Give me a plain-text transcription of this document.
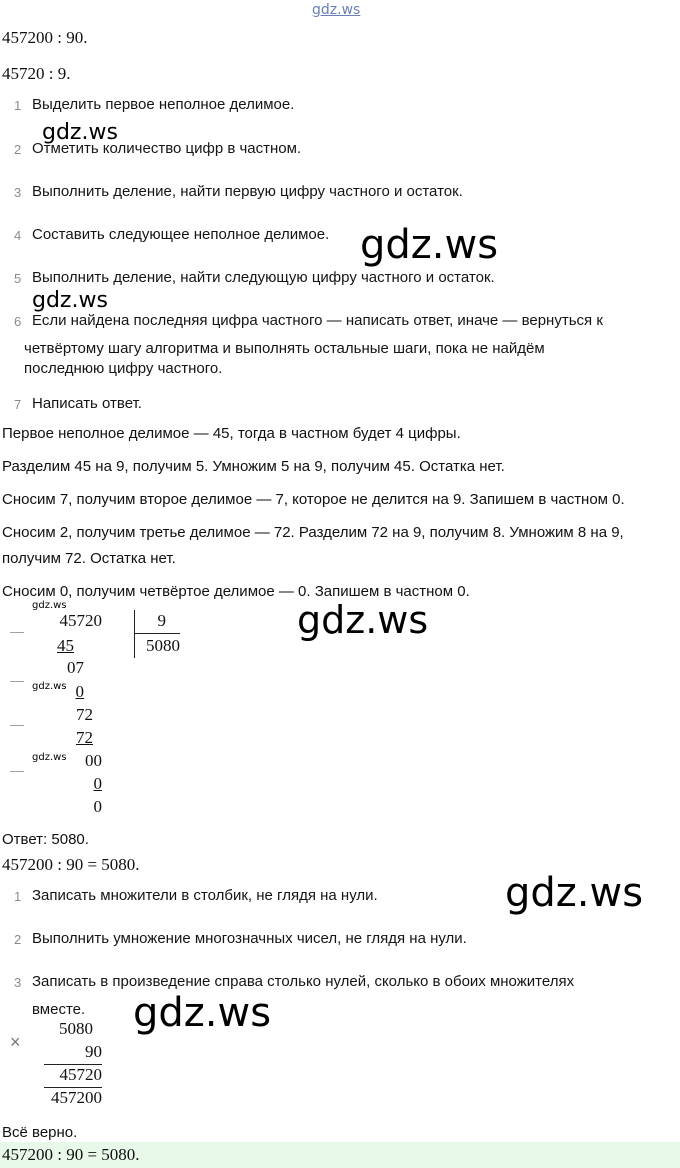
gdz.ws
457200 : 90.
45720 : 9.
1 Выделить первое неполное делимое.
2 Отметить количество цифр в частном.
3 Выполнить деление, найти первую цифру частного и остаток.
4 Составить следующее неполное делимое.
5 Выполнить деление, найти следующую цифру частного и остаток.
6 Если найдена последняя цифра частного — написать ответ, иначе — вернуться к
четвёртому шагу алгоритма и выполнять остальные шаги, пока не найдём
последнюю цифру частного.
7 Написать ответ.
gdz.ws
gdz.ws
gdz.ws
Первое неполное делимое — 45, тогда в частном будет 4 цифры.
Разделим 45 на 9, получим 5. Умножим 5 на 9, получим 45. Остатка нет.
Сносим 7, получим второе делимое — 7, которое не делится на 9. Запишем в частном 0.
Сносим 2, получим третье делимое — 72. Разделим 72 на 9, получим 8. Умножим 8 на 9,
получим 72. Остатка нет.
Сносим 0, получим четвёртое делимое — 0. Запишем в частном 0.
gdz.ws
—
—
—
—
45720
45
07
gdz.ws 0
72
72
gdz.ws	00
0
0
9
5080
gdz.ws
Ответ: 5080.
457200 : 90 = 5080.
1 Записать множители в столбик, не глядя на нули.
2 Выполнить умножение многозначных чисел, не глядя на нули.
3 Записать в произведение справа столько нулей, сколько в обоих множителях
вместе.
gdz.ws
gdz.ws
×
5080
90
45720
457200
Всё верно.
457200 : 90 = 5080.
